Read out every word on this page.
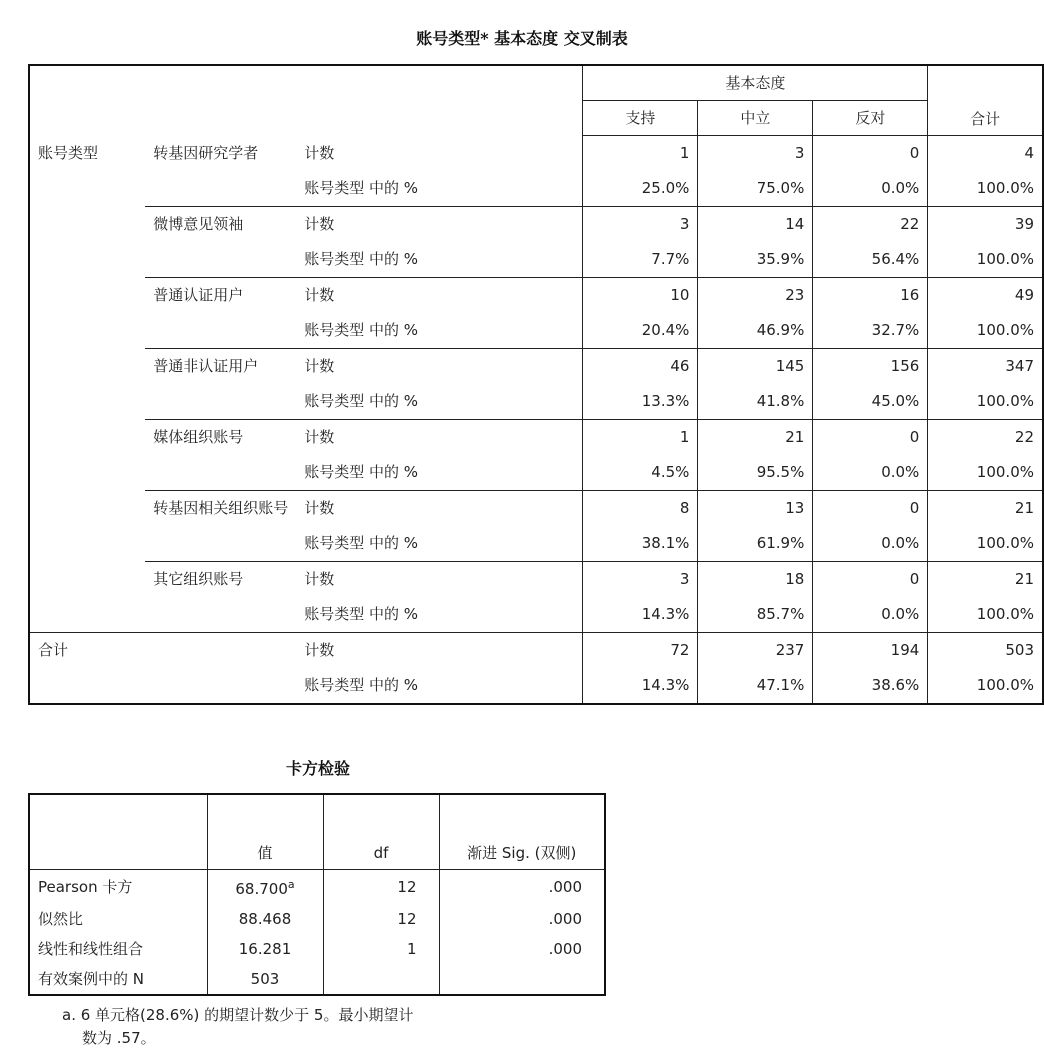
账号类型* 基本态度 交叉制表
			基本态度			合计
			支持	中立	反对	
账号类型	转基因研究学者	计数	1	3	0	4
		账号类型 中的 %	25.0%	75.0%	0.0%	100.0%
	微博意见领袖	计数	3	14	22	39
		账号类型 中的 %	7.7%	35.9%	56.4%	100.0%
	普通认证用户	计数	10	23	16	49
		账号类型 中的 %	20.4%	46.9%	32.7%	100.0%
	普通非认证用户	计数	46	145	156	347
		账号类型 中的 %	13.3%	41.8%	45.0%	100.0%
	媒体组织账号	计数	1	21	0	22
		账号类型 中的 %	4.5%	95.5%	0.0%	100.0%
	转基因相关组织账号	计数	8	13	0	21
		账号类型 中的 %	38.1%	61.9%	0.0%	100.0%
	其它组织账号	计数	3	18	0	21
		账号类型 中的 %	14.3%	85.7%	0.0%	100.0%
合计		计数	72	237	194	503
		账号类型 中的 %	14.3%	47.1%	38.6%	100.0%
卡方检验
	值	df	渐进 Sig. (双侧)
Pearson 卡方	68.700$^a$	12	.000
似然比	88.468	12	.000
线性和线性组合	16.281	1	.000
有效案例中的 N	503		
a. 6 单元格(28.6%) 的期望计数少于 5。最小期望计
数为 .57。
